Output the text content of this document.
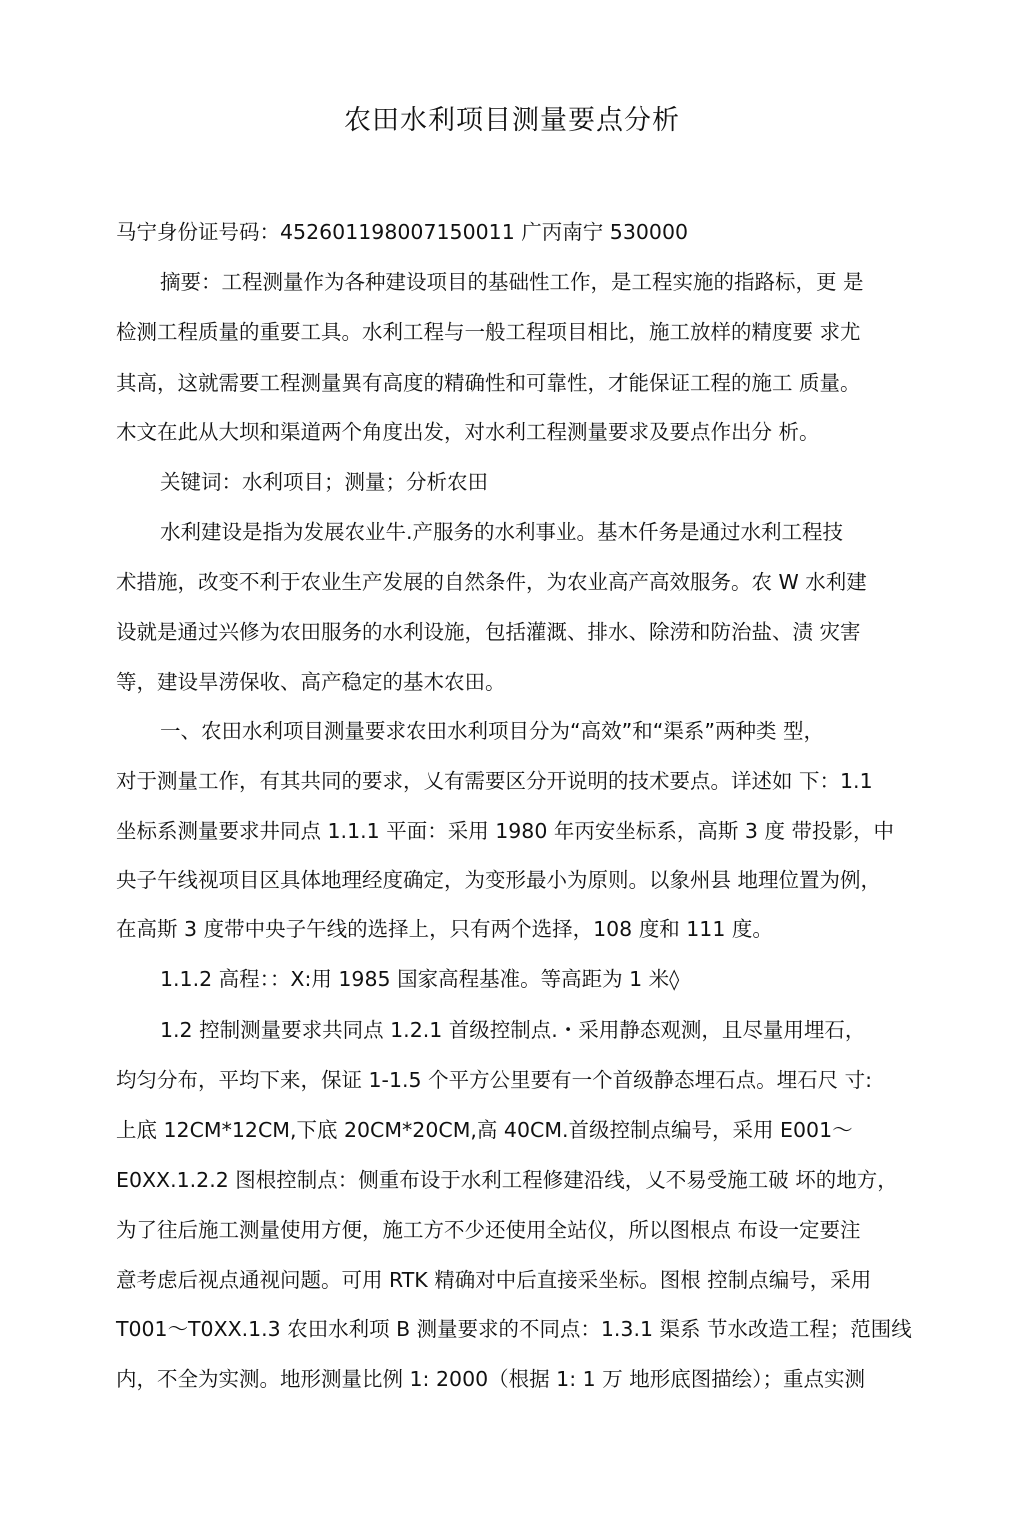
农田水利项目测量要点分析
马宁身份证号码：452601198007150011 广丙南宁 530000
摘要：工程测量作为各种建设项目的基础性工作，是工程实施的指路标，更 是
检测工程质量的重要工具。水利工程与一般工程项目相比，施工放样的精度要 求尤
其高，这就需要工程测量異有高度的精确性和可靠性，才能保证工程的施工 质量。
木文在此从大坝和渠道两个角度出发，对水利工程测量要求及要点作出分 析。
关键词：水利项目；测量；分析农田
水利建设是指为发展农业牛.产服务的水利事业。基木仟务是通过水利工程技
术措施，改变不利于农业生产发展的自然条件，为农业高产高效服务。农 W 水利建
设就是通过兴修为农田服务的水利设施，包括灌溉、排水、除涝和防治盐、渍 灾害
等，建设旱涝保收、高产稳定的基木农田。
一、农田水利项目测量要求农田水利项目分为“高效”和“渠系”两种类 型，
对于测量工作，有其共同的要求，乂有需要区分开说明的技术要点。详述如 下：1.1
坐标系测量要求井同点 1.1.1 平面：采用 1980 年丙安坐标系，高斯 3 度 带投影，中
央子午线视项目区具体地理经度确定，为变形最小为原则。以象州县 地理位置为例，
在高斯 3 度带中央子午线的选择上，只有两个选择，108 度和 111 度。
1.1.2 高程：：X:用 1985 国家高程基准。等高距为 1 米◊
1.2 控制测量要求共同点 1.2.1 首级控制点.・采用静态观测，且尽量用埋石，
均匀分布，平均下来，保证 1-1.5 个平方公里要有一个首级静态埋石点。埋石尺 寸:
上底 12CM*12CM,下底 20CM*20CM,高 40CM.首级控制点编号，采用 E001〜
E0XX.1.2.2 图根控制点：侧重布设于水利工程修建沿线，乂不易受施工破 坏的地方，
为了往后施工测量使用方便，施工方不少还使用全站仪，所以图根点 布设一定要注
意考虑后视点通视问题。可用 RTK 精确对中后直接采坐标。图根 控制点编号，采用
T001〜T0XX.1.3 农田水利项 B 测量要求的不同点：1.3.1 渠系 节水改造工程；范围线
内，不全为实测。地形测量比例 1: 2000（根据 1: 1 万 地形底图描绘）；重点实测
